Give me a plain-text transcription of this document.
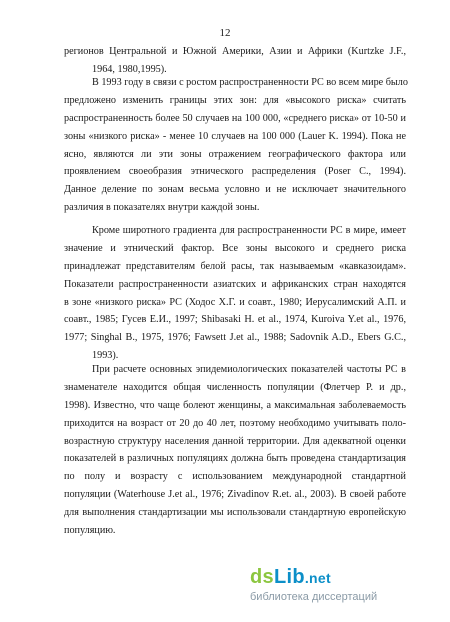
12
регионов Центральной и Южной Америки, Азии и Африки (Kurtzke J.F.,
1964, 1980,1995).
В 1993 году в связи с ростом распространенности РС во всем мире было
предложено изменить границы этих зон: для «высокого риска» считать
распространенность более 50 случаев на 100 000, «среднего риска» от 10-50 и
зоны «низкого риска» - менее 10 случаев на 100 000 (Lauer K. 1994). Пока не
ясно, являются ли эти зоны отражением географического фактора или
проявлением своеобразия этнического распределения (Poser C., 1994).
Данное деление по зонам весьма условно и не исключает значительного
различия в показателях внутри каждой зоны.
Кроме широтного градиента для распространенности РС в мире, имеет
значение и этнический фактор. Все зоны высокого и среднего риска
принадлежат представителям белой расы, так называемым «кавказоидам».
Показатели распространенности азиатских и африканских стран находятся
в зоне «низкого риска» РС (Ходос Х.Г. и соавт., 1980; Иерусалимский А.П. и
соавт., 1985; Гусев Е.И., 1997; Shibasaki H. et al., 1974, Kuroiva Y.et al., 1976,
1977; Singhal B., 1975, 1976; Fawsett J.et al., 1988; Sadovnik A.D., Ebers G.C.,
1993).
При расчете основных эпидемиологических показателей частоты РС в
знаменателе находится общая численность популяции (Флетчер Р. и др.,
1998). Известно, что чаще болеют женщины, а максимальная заболеваемость
приходится на возраст от 20 до 40 лет, поэтому необходимо учитывать поло-
возрастную структуру населения данной территории. Для адекватной оценки
показателей в различных популяциях должна быть проведена стандартизация
по полу и возрасту с использованием международной стандартной
популяции (Waterhouse J.et al., 1976; Zivadinov R.et. al., 2003). В своей работе
для выполнения стандартизации мы использовали стандартную европейскую
популяцию.
dsLib.net
библиотека диссертаций
